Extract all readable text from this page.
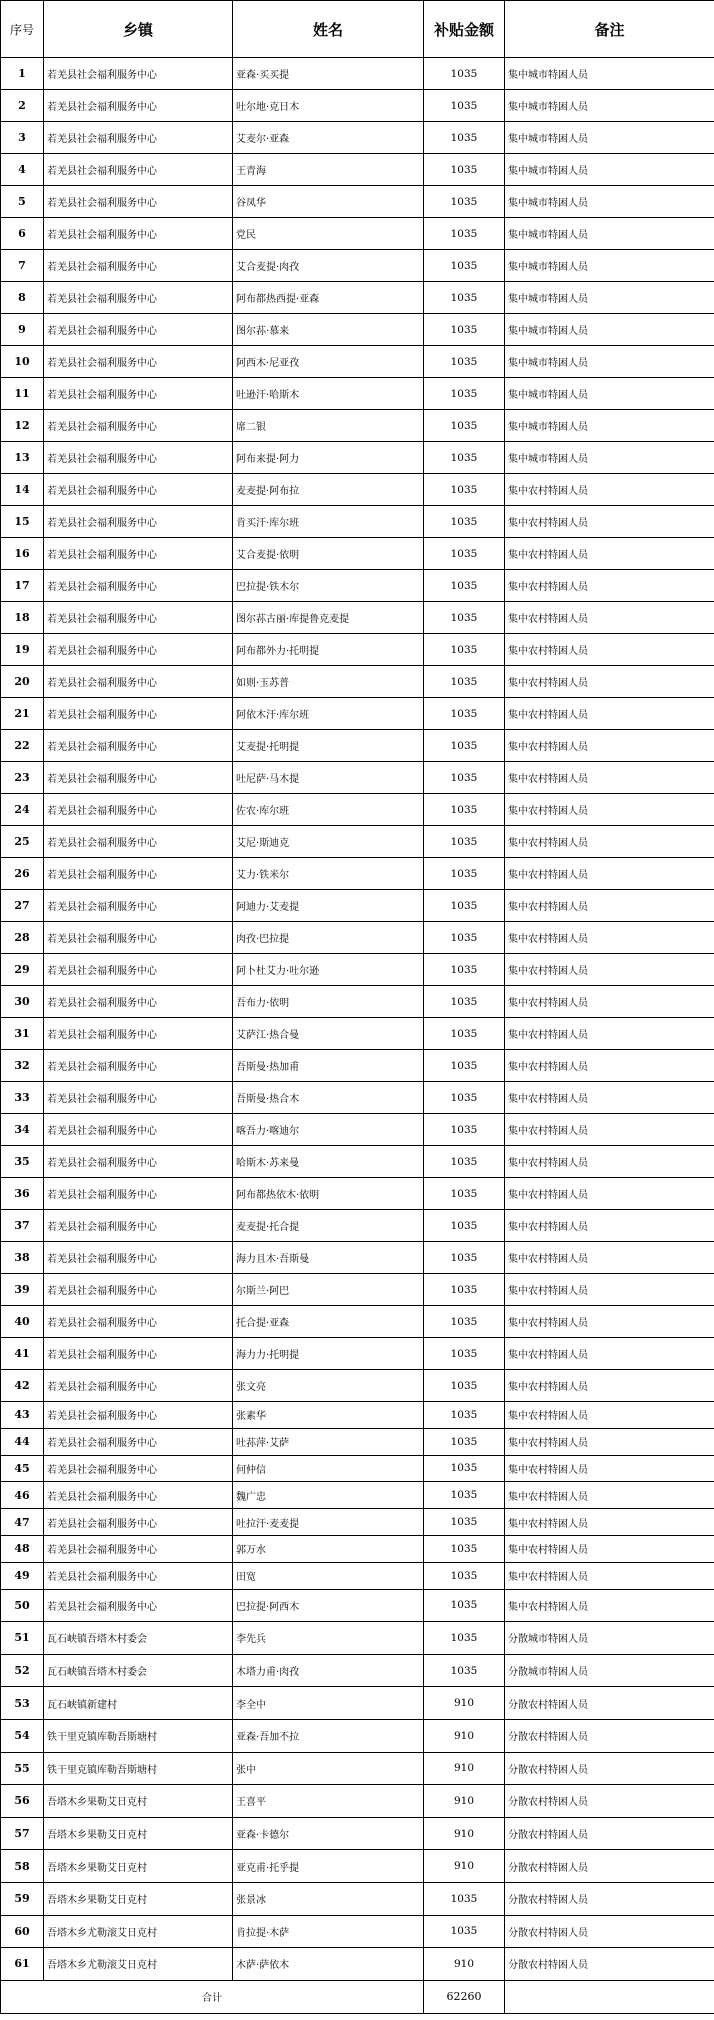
序号	乡镇	姓名	补贴金额	备注
1	若羌县社会福利服务中心	亚森·买买提	1035	集中城市特困人员
2	若羌县社会福利服务中心	吐尔地·克日木	1035	集中城市特困人员
3	若羌县社会福利服务中心	艾麦尔·亚森	1035	集中城市特困人员
4	若羌县社会福利服务中心	王青海	1035	集中城市特困人员
5	若羌县社会福利服务中心	谷凤华	1035	集中城市特困人员
6	若羌县社会福利服务中心	党民	1035	集中城市特困人员
7	若羌县社会福利服务中心	艾合麦提·肉孜	1035	集中城市特困人员
8	若羌县社会福利服务中心	阿布都热西提·亚森	1035	集中城市特困人员
9	若羌县社会福利服务中心	图尔荪·慕来	1035	集中城市特困人员
10	若羌县社会福利服务中心	阿西木·尼亚孜	1035	集中城市特困人员
11	若羌县社会福利服务中心	吐逊汗·哈斯木	1035	集中城市特困人员
12	若羌县社会福利服务中心	席二银	1035	集中城市特困人员
13	若羌县社会福利服务中心	阿布来提·阿力	1035	集中城市特困人员
14	若羌县社会福利服务中心	麦麦提·阿布拉	1035	集中农村特困人员
15	若羌县社会福利服务中心	肯买汗·库尔班	1035	集中农村特困人员
16	若羌县社会福利服务中心	艾合麦提·依明	1035	集中农村特困人员
17	若羌县社会福利服务中心	巴拉提·铁木尔	1035	集中农村特困人员
18	若羌县社会福利服务中心	图尔荪古丽·库提鲁克麦提	1035	集中农村特困人员
19	若羌县社会福利服务中心	阿布都外力·托明提	1035	集中农村特困人员
20	若羌县社会福利服务中心	如则·玉苏普	1035	集中农村特困人员
21	若羌县社会福利服务中心	阿依木汗·库尔班	1035	集中农村特困人员
22	若羌县社会福利服务中心	艾麦提·托明提	1035	集中农村特困人员
23	若羌县社会福利服务中心	吐尼萨·马木提	1035	集中农村特困人员
24	若羌县社会福利服务中心	佐农·库尔班	1035	集中农村特困人员
25	若羌县社会福利服务中心	艾尼·斯迪克	1035	集中农村特困人员
26	若羌县社会福利服务中心	艾力·铁米尔	1035	集中农村特困人员
27	若羌县社会福利服务中心	阿迪力·艾麦提	1035	集中农村特困人员
28	若羌县社会福利服务中心	肉孜·巴拉提	1035	集中农村特困人员
29	若羌县社会福利服务中心	阿卜杜艾力·吐尔逊	1035	集中农村特困人员
30	若羌县社会福利服务中心	吾布力·依明	1035	集中农村特困人员
31	若羌县社会福利服务中心	艾萨江·热合曼	1035	集中农村特困人员
32	若羌县社会福利服务中心	吾斯曼·热加甫	1035	集中农村特困人员
33	若羌县社会福利服务中心	吾斯曼·热合木	1035	集中农村特困人员
34	若羌县社会福利服务中心	喀吾力·喀迪尔	1035	集中农村特困人员
35	若羌县社会福利服务中心	哈斯木·苏来曼	1035	集中农村特困人员
36	若羌县社会福利服务中心	阿布都热依木·依明	1035	集中农村特困人员
37	若羌县社会福利服务中心	麦麦提·托合提	1035	集中农村特困人员
38	若羌县社会福利服务中心	海力且木·吾斯曼	1035	集中农村特困人员
39	若羌县社会福利服务中心	尔斯兰·阿巴	1035	集中农村特困人员
40	若羌县社会福利服务中心	托合提·亚森	1035	集中农村特困人员
41	若羌县社会福利服务中心	海力力·托明提	1035	集中农村特困人员
42	若羌县社会福利服务中心	张文亮	1035	集中农村特困人员
43	若羌县社会福利服务中心	张素华	1035	集中农村特困人员
44	若羌县社会福利服务中心	吐荪萍·艾萨	1035	集中农村特困人员
45	若羌县社会福利服务中心	何仲信	1035	集中农村特困人员
46	若羌县社会福利服务中心	魏广忠	1035	集中农村特困人员
47	若羌县社会福利服务中心	吐拉汗·麦麦提	1035	集中农村特困人员
48	若羌县社会福利服务中心	郭万水	1035	集中农村特困人员
49	若羌县社会福利服务中心	田宽	1035	集中农村特困人员
50	若羌县社会福利服务中心	巴拉提·阿西木	1035	集中农村特困人员
51	瓦石峡镇吾塔木村委会	李先兵	1035	分散城市特困人员
52	瓦石峡镇吾塔木村委会	木塔力甫·肉孜	1035	分散城市特困人员
53	瓦石峡镇新建村	李全中	910	分散农村特困人员
54	铁干里克镇库勒吾斯塘村	亚森·吾加不拉	910	分散农村特困人员
55	铁干里克镇库勒吾斯塘村	张中	910	分散农村特困人员
56	吾塔木乡果勒艾日克村	王喜平	910	分散农村特困人员
57	吾塔木乡果勒艾日克村	亚森·卡德尔	910	分散农村特困人员
58	吾塔木乡果勒艾日克村	亚克甫·托乎提	910	分散农村特困人员
59	吾塔木乡果勒艾日克村	张景冰	1035	分散农村特困人员
60	吾塔木乡尤勒滚艾日克村	肯拉提·木萨	1035	分散农村特困人员
61	吾塔木乡尤勒滚艾日克村	木萨·萨依木	910	分散农村特困人员
合计			62260	
